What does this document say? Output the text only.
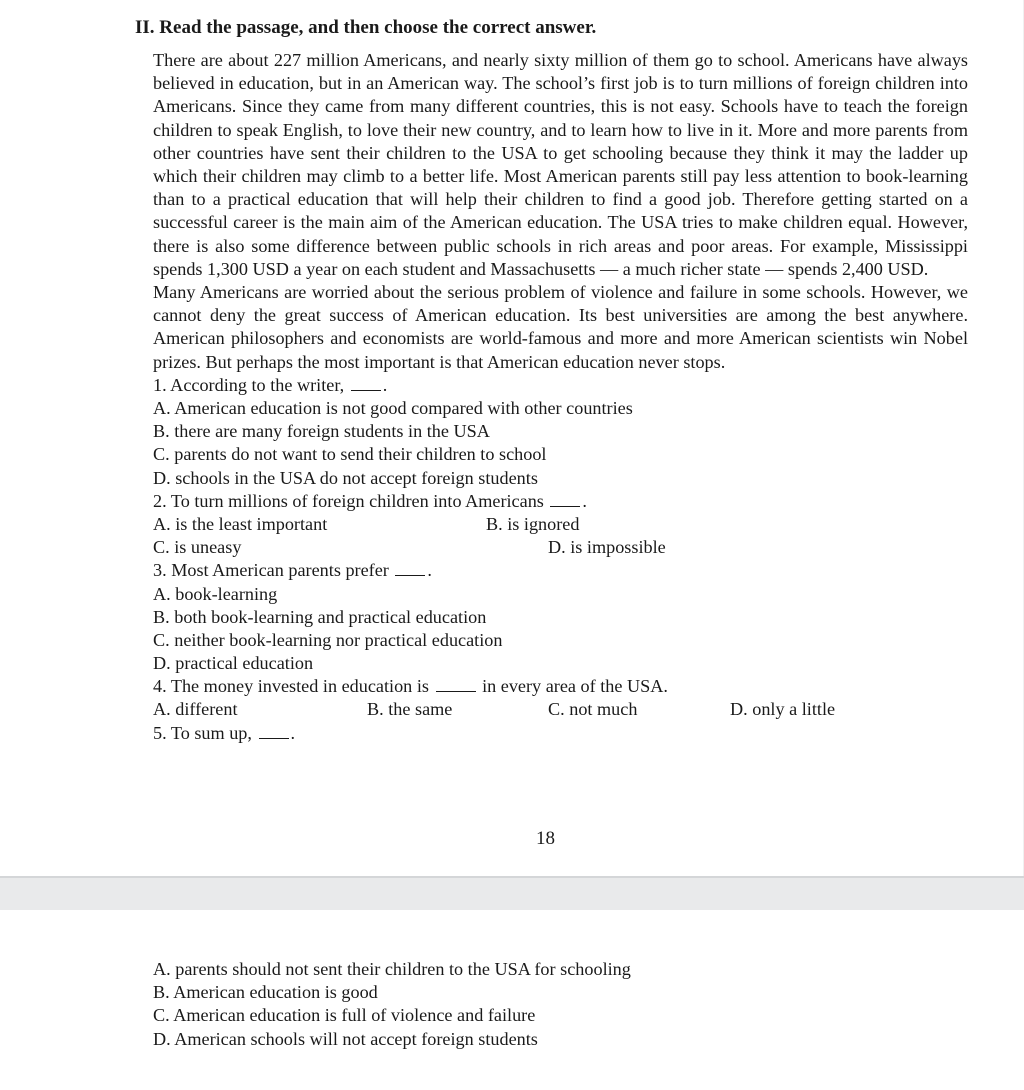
II. Read the passage, and then choose the correct answer.

There are about 227 million Americans, and nearly sixty million of them go to school. Americans have always believed in education, but in an American way. The school’s first job is to turn millions of foreign children into Americans. Since they came from many different countries, this is not easy. Schools have to teach the foreign children to speak English, to love their new country, and to learn how to live in it. More and more parents from other countries have sent their children to the USA to get schooling because they think it may the ladder up which their children may climb to a better life. Most American parents still pay less attention to book-learning than to a practical education that will help their children to find a good job. Therefore getting started on a successful career is the main aim of the American education. The USA tries to make children equal. However, there is also some difference between public schools in rich areas and poor areas. For example, Mississippi spends 1,300 USD a year on each student and Massachusetts — a much richer state — spends 2,400 USD.

Many Americans are worried about the serious problem of violence and failure in some schools. However, we cannot deny the great success of American education. Its best universities are among the best anywhere. American philosophers and economists are world-famous and more and more American scientists win Nobel prizes. But perhaps the most important is that American education never stops.

1. According to the writer, .
A. American education is not good compared with other countries
B. there are many foreign students in the USA
C. parents do not want to send their children to school
D. schools in the USA do not accept foreign students
2. To turn millions of foreign children into Americans .
A. is the least important	B. is ignored
C. is uneasy	D. is impossible
3. Most American parents prefer .
A. book-learning
B. both book-learning and practical education
C. neither book-learning nor practical education
D. practical education
4. The money invested in education is	in every area of the USA.
A. different	B. the same	C. not much	D. only a little
5. To sum up, .
18
A. parents should not sent their children to the USA for schooling
B. American education is good
C. American education is full of violence and failure
D. American schools will not accept foreign students
